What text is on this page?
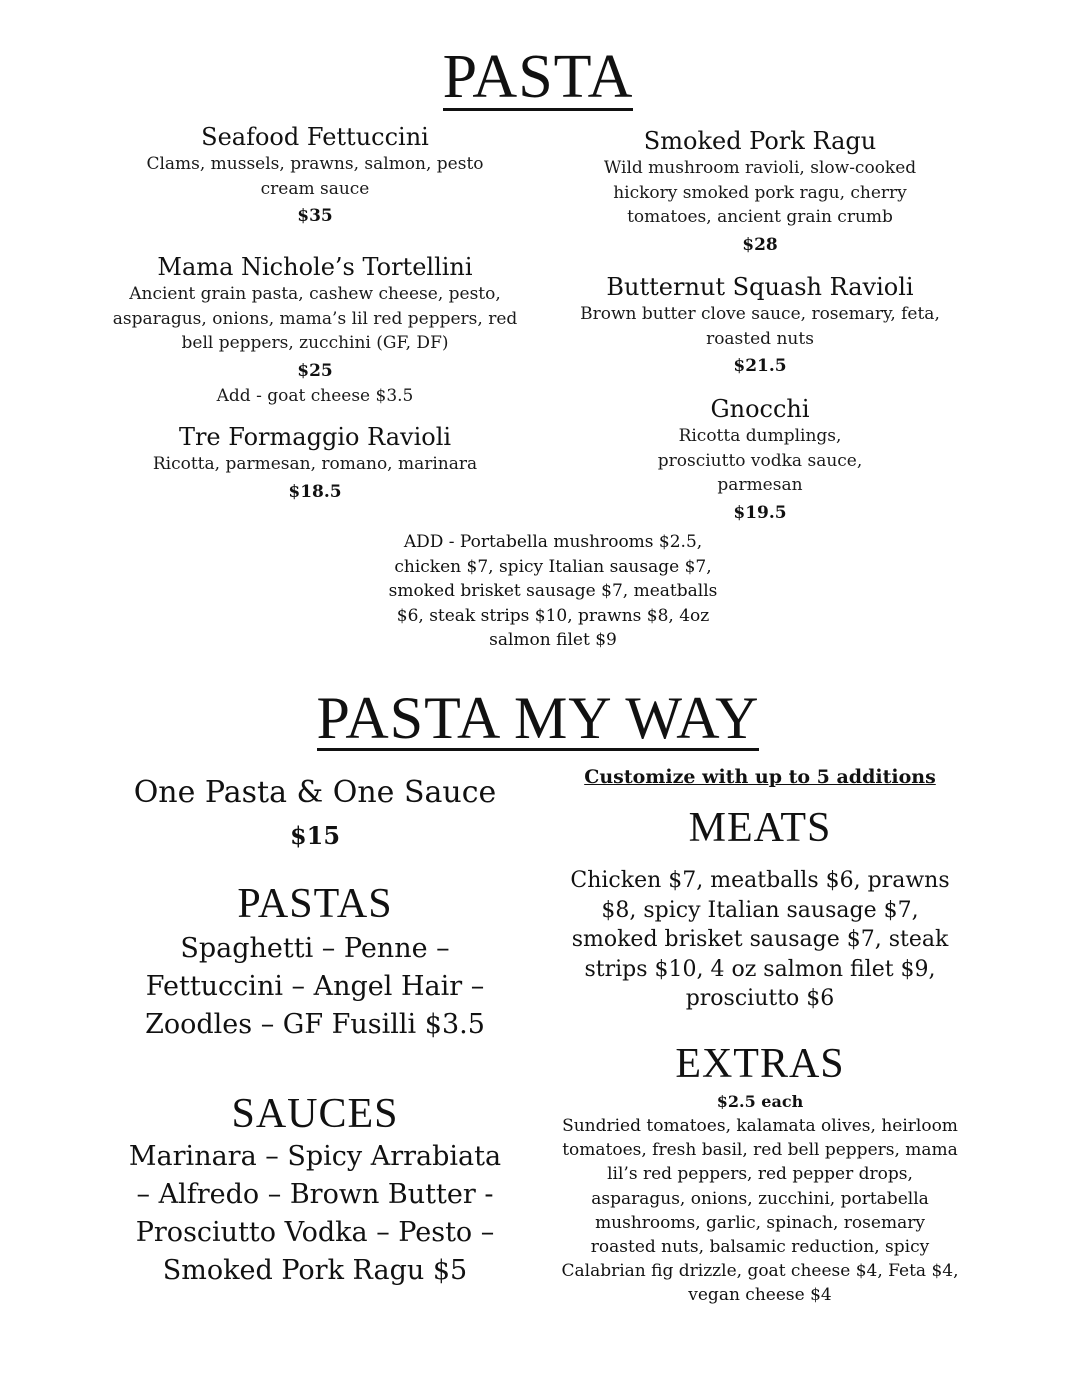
PASTA
Seafood Fettuccini
Clams, mussels, prawns, salmon, pesto cream sauce
$35
Mama Nichole’s Tortellini
Ancient grain pasta, cashew cheese, pesto, asparagus, onions, mama’s lil red peppers, red bell peppers, zucchini (GF, DF)
$25
Add - goat cheese $3.5
Tre Formaggio Ravioli
Ricotta, parmesan, romano, marinara
$18.5
Smoked Pork Ragu
Wild mushroom ravioli, slow-cooked hickory smoked pork ragu, cherry tomatoes, ancient grain crumb
$28
Butternut Squash Ravioli
Brown butter clove sauce, rosemary, feta, roasted nuts
$21.5
Gnocchi
Ricotta dumplings, prosciutto vodka sauce, parmesan
$19.5
ADD - Portabella mushrooms $2.5, chicken $7, spicy Italian sausage $7, smoked brisket sausage $7, meatballs $6, steak strips $10, prawns $8, 4oz salmon filet $9
PASTA MY WAY
One Pasta & One Sauce
$15
PASTAS
Spaghetti – Penne – Fettuccini – Angel Hair – Zoodles – GF Fusilli $3.5
SAUCES
Marinara – Spicy Arrabiata – Alfredo – Brown Butter - Prosciutto Vodka – Pesto – Smoked Pork Ragu $5
Customize with up to 5 additions
MEATS
Chicken $7, meatballs $6, prawns $8, spicy Italian sausage $7, smoked brisket sausage $7, steak strips $10, 4 oz salmon filet $9, prosciutto $6
EXTRAS
$2.5 each
Sundried tomatoes, kalamata olives, heirloom tomatoes, fresh basil, red bell peppers, mama lil’s red peppers, red pepper drops, asparagus, onions, zucchini, portabella mushrooms, garlic, spinach, rosemary roasted nuts, balsamic reduction, spicy Calabrian fig drizzle, goat cheese $4, Feta $4, vegan cheese $4
